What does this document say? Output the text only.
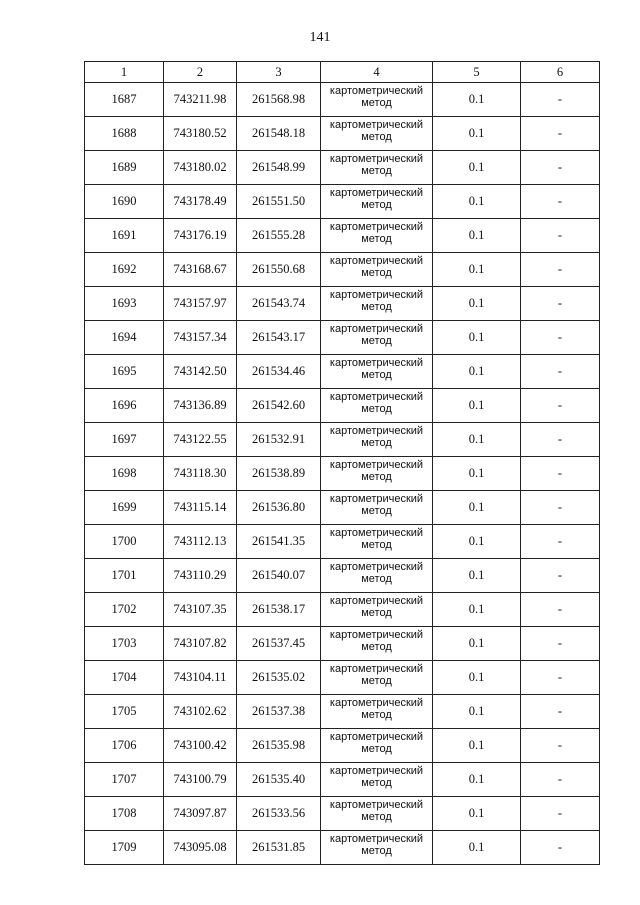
141
1	2	3	4	5	6
1687	743211.98	261568.98	картометрический метод	0.1	-
1688	743180.52	261548.18	картометрический метод	0.1	-
1689	743180.02	261548.99	картометрический метод	0.1	-
1690	743178.49	261551.50	картометрический метод	0.1	-
1691	743176.19	261555.28	картометрический метод	0.1	-
1692	743168.67	261550.68	картометрический метод	0.1	-
1693	743157.97	261543.74	картометрический метод	0.1	-
1694	743157.34	261543.17	картометрический метод	0.1	-
1695	743142.50	261534.46	картометрический метод	0.1	-
1696	743136.89	261542.60	картометрический метод	0.1	-
1697	743122.55	261532.91	картометрический метод	0.1	-
1698	743118.30	261538.89	картометрический метод	0.1	-
1699	743115.14	261536.80	картометрический метод	0.1	-
1700	743112.13	261541.35	картометрический метод	0.1	-
1701	743110.29	261540.07	картометрический метод	0.1	-
1702	743107.35	261538.17	картометрический метод	0.1	-
1703	743107.82	261537.45	картометрический метод	0.1	-
1704	743104.11	261535.02	картометрический метод	0.1	-
1705	743102.62	261537.38	картометрический метод	0.1	-
1706	743100.42	261535.98	картометрический метод	0.1	-
1707	743100.79	261535.40	картометрический метод	0.1	-
1708	743097.87	261533.56	картометрический метод	0.1	-
1709	743095.08	261531.85	картометрический метод	0.1	-
